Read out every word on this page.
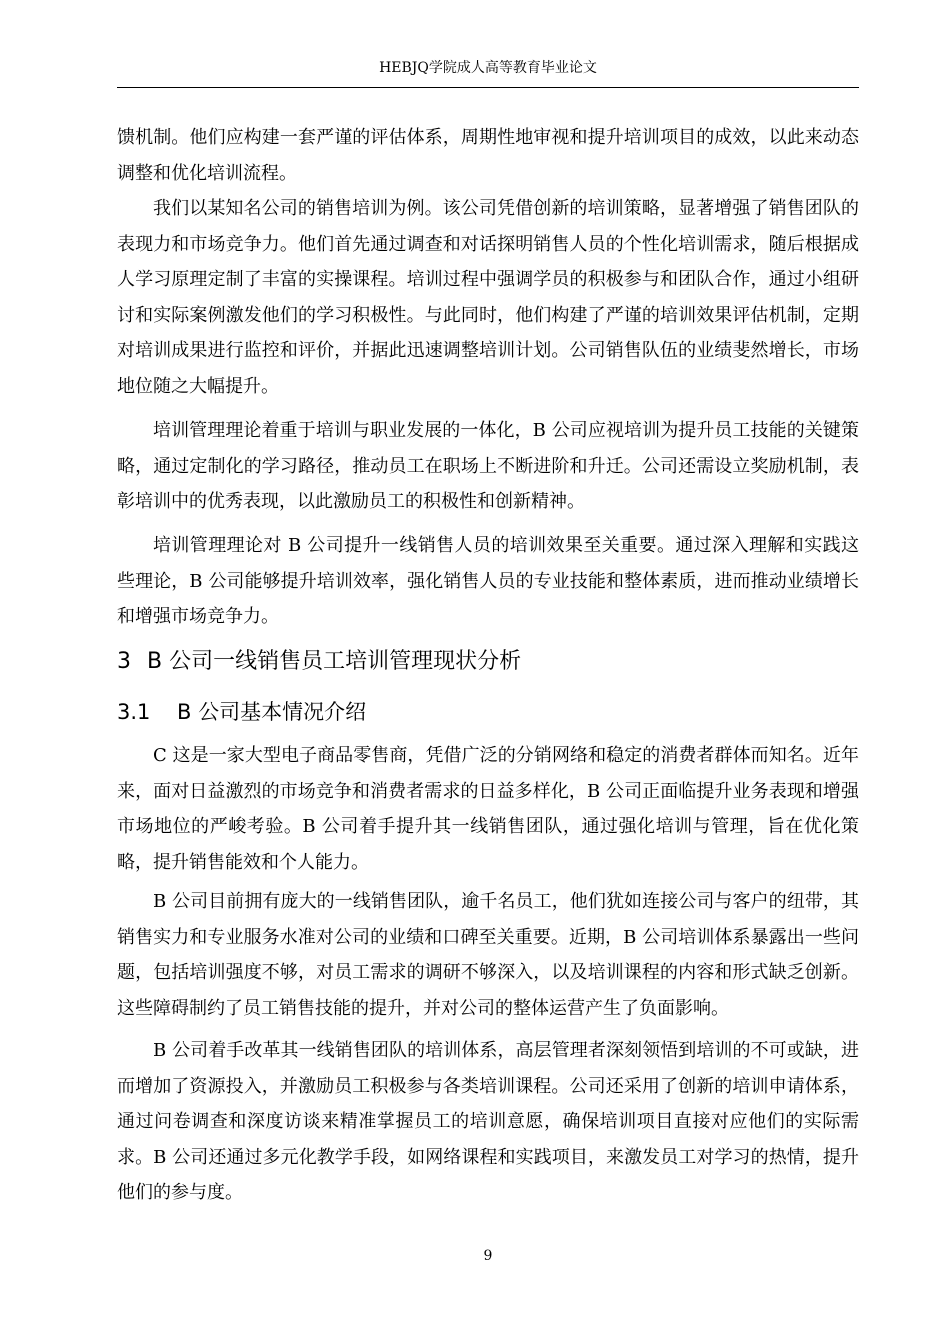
HEBJQ学院成人高等教育毕业论文

馈机制。他们应构建一套严谨的评估体系，周期性地审视和提升培训项目的成效，以此来动态调整和优化培训流程。

我们以某知名公司的销售培训为例。该公司凭借创新的培训策略，显著增强了销售团队的表现力和市场竞争力。他们首先通过调查和对话探明销售人员的个性化培训需求，随后根据成人学习原理定制了丰富的实操课程。培训过程中强调学员的积极参与和团队合作，通过小组研讨和实际案例激发他们的学习积极性。与此同时，他们构建了严谨的培训效果评估机制，定期对培训成果进行监控和评价，并据此迅速调整培训计划。公司销售队伍的业绩斐然增长，市场地位随之大幅提升。

培训管理理论着重于培训与职业发展的一体化，B 公司应视培训为提升员工技能的关键策略，通过定制化的学习路径，推动员工在职场上不断进阶和升迁。公司还需设立奖励机制，表彰培训中的优秀表现，以此激励员工的积极性和创新精神。

培训管理理论对 B 公司提升一线销售人员的培训效果至关重要。通过深入理解和实践这些理论，B 公司能够提升培训效率，强化销售人员的专业技能和整体素质，进而推动业绩增长和增强市场竞争力。

3 B 公司一线销售员工培训管理现状分析
3.1 B 公司基本情况介绍

C 这是一家大型电子商品零售商，凭借广泛的分销网络和稳定的消费者群体而知名。近年来，面对日益激烈的市场竞争和消费者需求的日益多样化，B 公司正面临提升业务表现和增强市场地位的严峻考验。B 公司着手提升其一线销售团队，通过强化培训与管理，旨在优化策略，提升销售能效和个人能力。

B 公司目前拥有庞大的一线销售团队，逾千名员工，他们犹如连接公司与客户的纽带，其销售实力和专业服务水准对公司的业绩和口碑至关重要。近期，B 公司培训体系暴露出一些问题，包括培训强度不够，对员工需求的调研不够深入，以及培训课程的内容和形式缺乏创新。这些障碍制约了员工销售技能的提升，并对公司的整体运营产生了负面影响。

B 公司着手改革其一线销售团队的培训体系，高层管理者深刻领悟到培训的不可或缺，进而增加了资源投入，并激励员工积极参与各类培训课程。公司还采用了创新的培训申请体系，通过问卷调查和深度访谈来精准掌握员工的培训意愿，确保培训项目直接对应他们的实际需求。B 公司还通过多元化教学手段，如网络课程和实践项目，来激发员工对学习的热情，提升他们的参与度。

9
